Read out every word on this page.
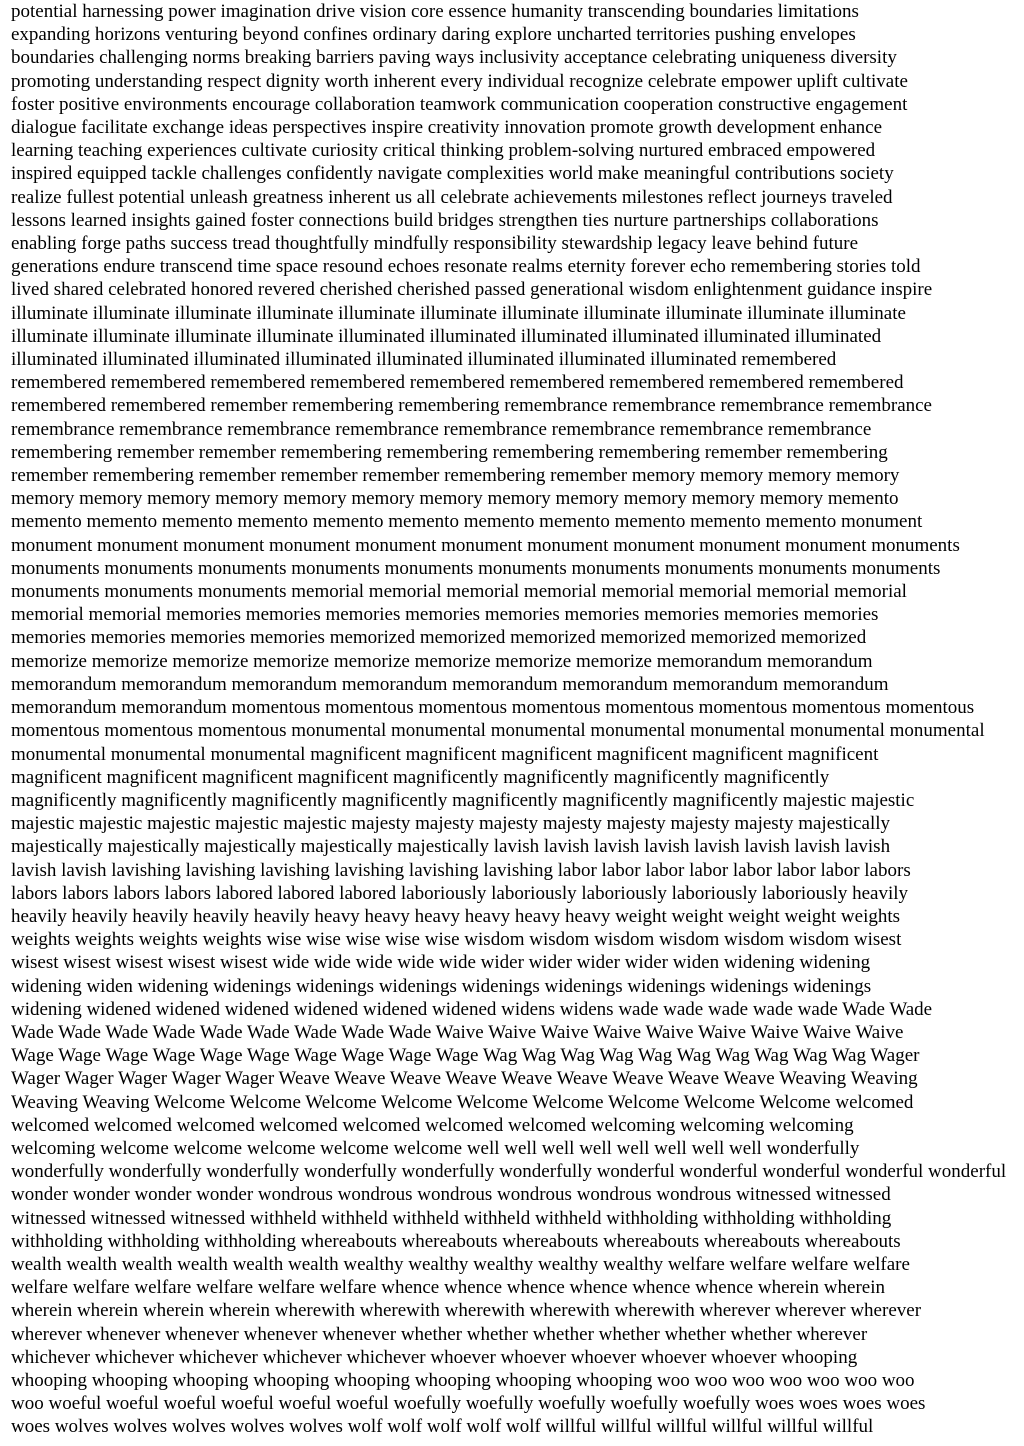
potential harnessing power imagination drive vision core essence humanity transcending boundaries limitations
expanding horizons venturing beyond confines ordinary daring explore uncharted territories pushing envelopes
boundaries challenging norms breaking barriers paving ways inclusivity acceptance celebrating uniqueness diversity
promoting understanding respect dignity worth inherent every individual recognize celebrate empower uplift cultivate
foster positive environments encourage collaboration teamwork communication cooperation constructive engagement
dialogue facilitate exchange ideas perspectives inspire creativity innovation promote growth development enhance
learning teaching experiences cultivate curiosity critical thinking problem-solving nurtured embraced empowered
inspired equipped tackle challenges confidently navigate complexities world make meaningful contributions society
realize fullest potential unleash greatness inherent us all celebrate achievements milestones reflect journeys traveled
lessons learned insights gained foster connections build bridges strengthen ties nurture partnerships collaborations
enabling forge paths success tread thoughtfully mindfully responsibility stewardship legacy leave behind future
generations endure transcend time space resound echoes resonate realms eternity forever echo remembering stories told
lived shared celebrated honored revered cherished cherished passed generational wisdom enlightenment guidance inspire
illuminate illuminate illuminate illuminate illuminate illuminate illuminate illuminate illuminate illuminate illuminate
illuminate illuminate illuminate illuminate illuminated illuminated illuminated illuminated illuminated illuminated
illuminated illuminated illuminated illuminated illuminated illuminated illuminated illuminated remembered
remembered remembered remembered remembered remembered remembered remembered remembered remembered
remembered remembered remember remembering remembering remembrance remembrance remembrance remembrance
remembrance remembrance remembrance remembrance remembrance remembrance remembrance remembrance
remembering remember remember remembering remembering remembering remembering remember remembering
remember remembering remember remember remember remembering remember memory memory memory memory
memory memory memory memory memory memory memory memory memory memory memory memory memento
memento memento memento memento memento memento memento memento memento memento memento monument
monument monument monument monument monument monument monument monument monument monument monuments
monuments monuments monuments monuments monuments monuments monuments monuments monuments monuments
monuments monuments monuments memorial memorial memorial memorial memorial memorial memorial memorial
memorial memorial memories memories memories memories memories memories memories memories memories
memories memories memories memories memorized memorized memorized memorized memorized memorized
memorize memorize memorize memorize memorize memorize memorize memorize memorandum memorandum
memorandum memorandum memorandum memorandum memorandum memorandum memorandum memorandum
memorandum memorandum momentous momentous momentous momentous momentous momentous momentous momentous
momentous momentous momentous monumental monumental monumental monumental monumental monumental monumental
monumental monumental monumental magnificent magnificent magnificent magnificent magnificent magnificent
magnificent magnificent magnificent magnificent magnificently magnificently magnificently magnificently
magnificently magnificently magnificently magnificently magnificently magnificently magnificently majestic majestic
majestic majestic majestic majestic majestic majesty majesty majesty majesty majesty majesty majesty majestically
majestically majestically majestically majestically majestically lavish lavish lavish lavish lavish lavish lavish lavish
lavish lavish lavishing lavishing lavishing lavishing lavishing lavishing labor labor labor labor labor labor labor labors
labors labors labors labors labored labored labored laboriously laboriously laboriously laboriously laboriously heavily
heavily heavily heavily heavily heavily heavy heavy heavy heavy heavy heavy weight weight weight weight weights
weights weights weights weights wise wise wise wise wise wisdom wisdom wisdom wisdom wisdom wisdom wisest
wisest wisest wisest wisest wisest wide wide wide wide wide wider wider wider wider widen widening widening
widening widen widening widenings widenings widenings widenings widenings widenings widenings widenings
widening widened widened widened widened widened widened widens widens wade wade wade wade wade Wade Wade
Wade Wade Wade Wade Wade Wade Wade Wade Wade Waive Waive Waive Waive Waive Waive Waive Waive Waive
Wage Wage Wage Wage Wage Wage Wage Wage Wage Wage Wag Wag Wag Wag Wag Wag Wag Wag Wag Wag Wager
Wager Wager Wager Wager Wager Weave Weave Weave Weave Weave Weave Weave Weave Weave Weaving Weaving
Weaving Weaving Welcome Welcome Welcome Welcome Welcome Welcome Welcome Welcome Welcome welcomed
welcomed welcomed welcomed welcomed welcomed welcomed welcomed welcoming welcoming welcoming
welcoming welcome welcome welcome welcome welcome well well well well well well well well wonderfully
wonderfully wonderfully wonderfully wonderfully wonderfully wonderfully wonderful wonderful wonderful wonderful wonderful
wonder wonder wonder wonder wondrous wondrous wondrous wondrous wondrous wondrous witnessed witnessed
witnessed witnessed witnessed withheld withheld withheld withheld withheld withholding withholding withholding
withholding withholding withholding whereabouts whereabouts whereabouts whereabouts whereabouts whereabouts
wealth wealth wealth wealth wealth wealth wealthy wealthy wealthy wealthy wealthy welfare welfare welfare welfare
welfare welfare welfare welfare welfare welfare whence whence whence whence whence whence wherein wherein
wherein wherein wherein wherein wherewith wherewith wherewith wherewith wherewith wherever wherever wherever
wherever whenever whenever whenever whenever whether whether whether whether whether whether wherever
whichever whichever whichever whichever whichever whoever whoever whoever whoever whoever whooping
whooping whooping whooping whooping whooping whooping whooping whooping woo woo woo woo woo woo woo
woo woeful woeful woeful woeful woeful woeful woefully woefully woefully woefully woefully woes woes woes woes
woes wolves wolves wolves wolves wolves wolf wolf wolf wolf wolf willful willful willful willful willful willful
